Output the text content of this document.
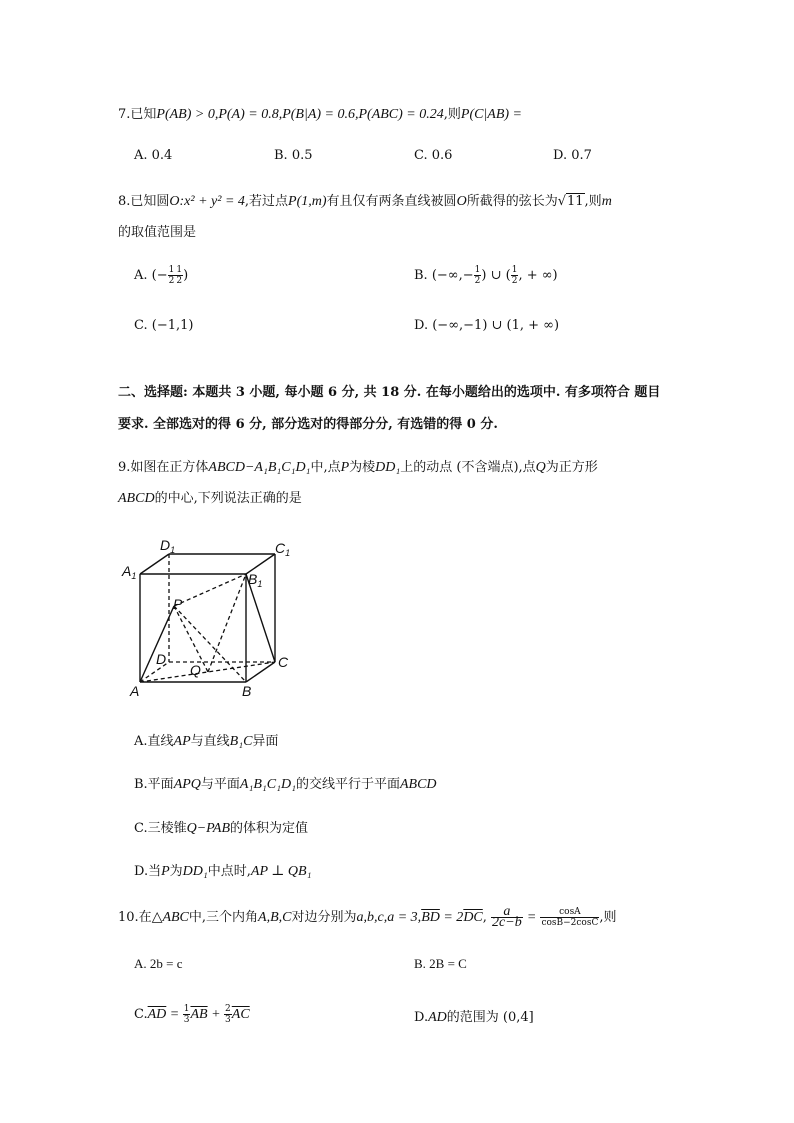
7.已知P(AB) > 0,P(A) = 0.8,P(B|A) = 0.6,P(ABC) = 0.24,则P(C|AB) =
A. 0.4	B. 0.5	C. 0.6	D. 0.7
8.已知圆O:x² + y² = 4,若过点P(1,m)有且仅有两条直线被圆O所截得的弦长为√11,则m
的取值范围是
A. (− $\frac{1}{2} \frac{1}{2}$ )	B. (−∞,− $\frac{1}{2}$ ) ∪ ( $\frac{1}{2}$ , + ∞)
C. (−1,1)	D. (−∞,−1) ∪ (1, + ∞)
二、选择题: 本题共 3 小题, 每小题 6 分, 共 18 分. 在每小题给出的选项中. 有多项符合 题目
要求. 全部选对的得 6 分, 部分选对的得部分分, 有选错的得 0 分.
9.如图在正方体ABCD−A₁B₁C₁D₁中,点P为棱DD₁上的动点 (不含端点),点Q为正方形
ABCD的中心,下列说法正确的是
$D_1$	$C_1$
$A_1$	$B_1$
P
D
Q	C
A	B
A.直线AP与直线B₁C异面
B.平面APQ与平面A₁B₁C₁D₁的交线平行于平面ABCD
C.三棱锥Q−PAB的体积为定值
D.当P为DD₁中点时,AP ⊥ QB₁
10.在△ABC中,三个内角A,B,C对边分别为$a,b,c,a = 3,\overline{BD} = 2\overline{DC}$, $\frac{a}{2c-b} = \frac{\cos A}{\cos B-2\cos C}$ ,则
A. 2b = c	B. 2B = C
$C.\overline{AD} = \frac{1}{3} \overline{AB} + \frac{2}{3} \overline{AC}$	D.AD的范围为 (0,4]
